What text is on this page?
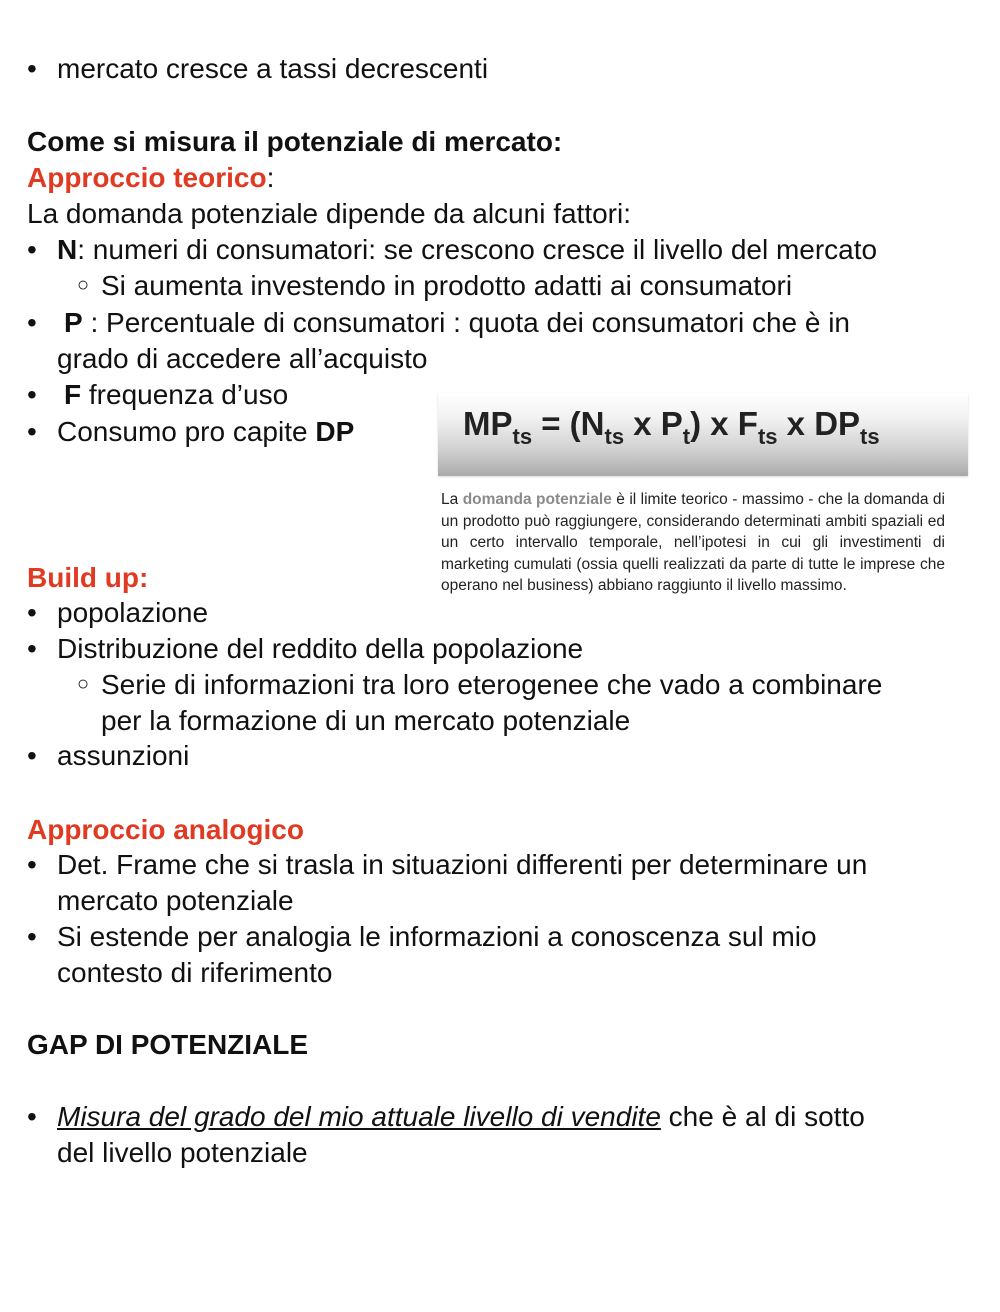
• mercato cresce a tassi decrescenti
Come si misura il potenziale di mercato:
Approccio teorico:
La domanda potenziale dipende da alcuni fattori:
• N: numeri di consumatori: se crescono cresce il livello del mercato
○ Si aumenta investendo in prodotto adatti ai consumatori
• P : Percentuale di consumatori : quota dei consumatori che è in
grado di accedere all’acquisto
• F frequenza d’uso
• Consumo pro capite DP	$MP_{ts} = (N_{ts}$ x $P_t$) x $F_{ts}$ x $DP_{ts}$
La domanda potenziale è il limite teorico - massimo - che la domanda di un prodotto può raggiungere, considerando determinati ambiti spaziali ed un certo intervallo temporale, nell’ipotesi in cui gli investimenti di marketing cumulati (ossia quelli realizzati da parte di tutte le imprese che operano nel business) abbiano raggiunto il livello massimo.
Build up:
• popolazione
• Distribuzione del reddito della popolazione
○ Serie di informazioni tra loro eterogenee che vado a combinare
per la formazione di un mercato potenziale
• assunzioni
Approccio analogico
• Det. Frame che si trasla in situazioni differenti per determinare un
mercato potenziale
• Si estende per analogia le informazioni a conoscenza sul mio
contesto di riferimento
GAP DI POTENZIALE
• Misura del grado del mio attuale livello di vendite che è al di sotto
del livello potenziale
